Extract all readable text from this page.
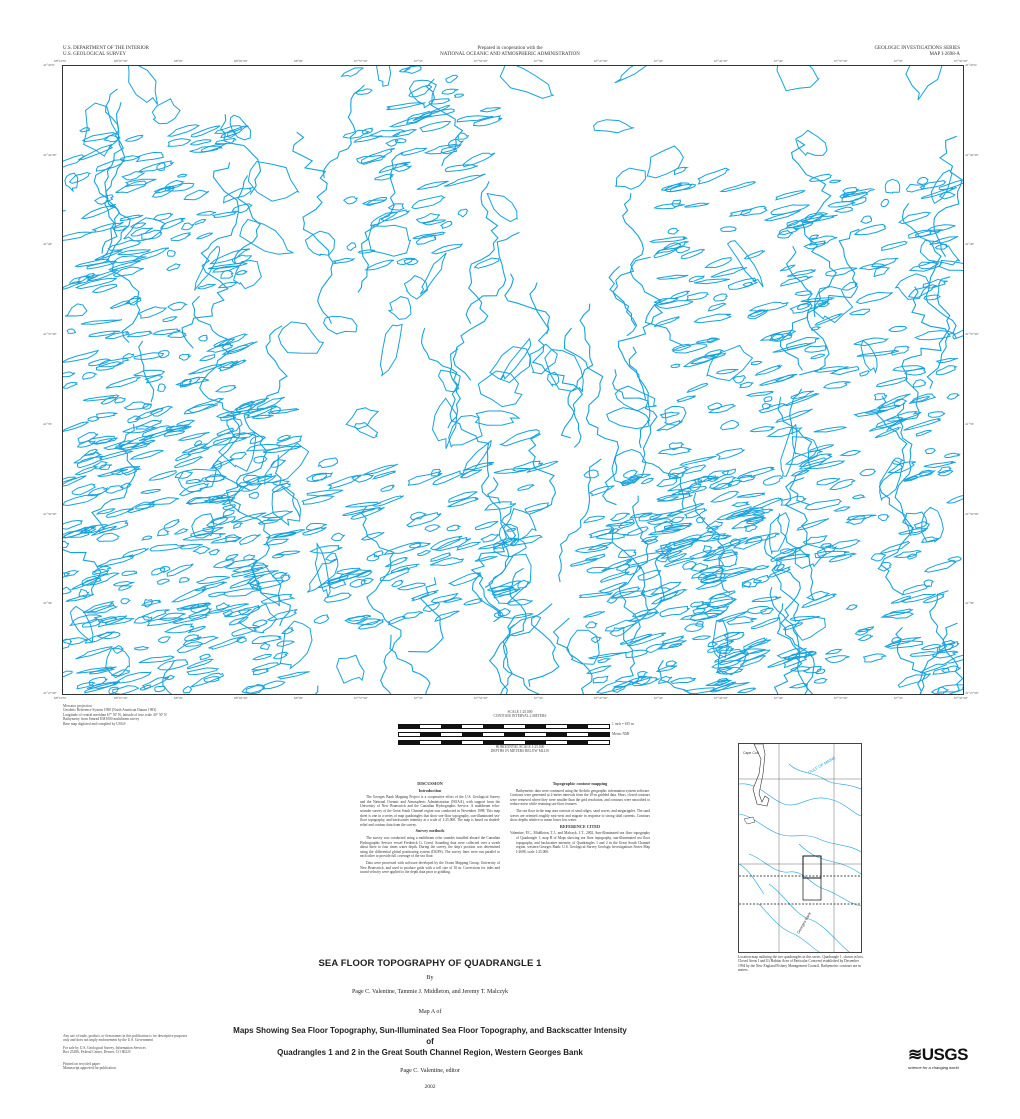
U.S. DEPARTMENT OF THE INTERIOR
U.S. GEOLOGICAL SURVEY
Prepared in cooperation with the
NATIONAL OCEANIC AND ATMOSPHERIC ADMINISTRATION
GEOLOGIC INVESTIGATIONS SERIES
MAP I-2698-A
Mercator projection
Geodetic Reference System 1980 (North American Datum 1983)
Longitude of central meridian 67° 50' W, latitude of true scale 40° 50' N
Bathymetry from Simrad EM1000 multibeam survey
Base map digitized and compiled by USGS
SCALE 1:25,000
CONTOUR INTERVAL 2 METERS
1 inch = 635 m
Metric NMI
HORIZONTAL SCALE 1:25,000
DEPTHS IN METERS BELOW MLLW
DISCUSSION
Introduction

The Georges Bank Mapping Project is a cooperative effort of the U.S. Geological Survey and the National Oceanic and Atmospheric Administration (NOAA), with support from the University of New Brunswick and the Canadian Hydrographic Service. A multibeam echo-sounder survey of the Great South Channel region was conducted in November 1998. This map sheet is one in a series of map quadrangles that show sea-floor topography, sun-illuminated sea-floor topography, and backscatter intensity at a scale of 1:25,000. The map is based on shaded-relief and contour data from the survey.

Survey methods

The survey was conducted using a multibeam echo sounder installed aboard the Canadian Hydrographic Service vessel Frederick G. Creed. Sounding data were collected over a swath about three to four times water depth. During the survey, the ship's position was determined using the differential global positioning system (DGPS). The survey lines were run parallel to each other to provide full coverage of the sea floor.

Data were processed with software developed by the Ocean Mapping Group, University of New Brunswick, and used to produce grids with a cell size of 10 m. Corrections for tides and sound velocity were applied to the depth data prior to gridding.

Topographic contour mapping

Bathymetric data were contoured using the ArcInfo geographic information system software. Contours were generated at 2-meter intervals from the 10-m gridded data. Short, closed contours were removed where they were smaller than the grid resolution, and contours were smoothed to reduce noise while retaining sea-floor features.

The sea floor in the map area consists of sand ridges, sand waves, and megaripples. The sand waves are oriented roughly east-west and migrate in response to strong tidal currents. Contours show depths relative to mean lower low water.

REFERENCE CITED

Valentine, P.C., Middleton, T.J., and Malczyk, J.T., 2002, Sun-illuminated sea floor topography of Quadrangle 1, map B of Maps showing sea floor topography, sun-illuminated sea floor topography, and backscatter intensity of Quadrangles 1 and 2 in the Great South Channel region, western Georges Bank: U.S. Geological Survey Geologic Investigations Series Map I-2698, scale 1:25,000.

GULF OF MAINE
Cape Cod
Georges Bank
Location map outlining the two quadrangles in this series. Quadrangle 1, shown in box. Closed Areas I and II (Habitat Area of Particular Concern) established by December 1994 by the New England Fishery Management Council. Bathymetric contours are in meters.
SEA FLOOR TOPOGRAPHY OF QUADRANGLE 1
By
Page C. Valentine, Tammie J. Middleton, and Jeremy T. Malczyk
Map A of
Maps Showing Sea Floor Topography, Sun-Illuminated Sea Floor Topography, and Backscatter Intensity of
Quadrangles 1 and 2 in the Great South Channel Region, Western Georges Bank
Page C. Valentine, editor
2002
Any use of trade, product, or firm names in this publication is for descriptive purposes only and does not imply endorsement by the U.S. Government
For sale by U.S. Geological Survey, Information Services
Box 25286, Federal Center, Denver, CO 80225
Printed on recycled paper
Manuscript approved for publication
≋USGS
science for a changing world
68°10'W	68°07'30"	68°05'	68°02'30"	68°00'	67°57'30"	67°55'	67°52'30"	67°50'	67°47'30"	67°45'	67°42'30"	67°40'	67°37'30"	67°35'	67°32'30"
68°10'W	68°07'30"	68°05'	68°02'30"	68°00'	67°57'30"	67°55'	67°52'30"	67°50'	67°47'30"	67°45'	67°42'30"	67°40'	67°37'30"	67°35'	67°32'30"
41°45'N
41°42'30"
41°40'
41°37'30"
41°35'
41°32'30"
41°30'
41°27'30"
41°45'N
41°42'30"
41°40'
41°37'30"
41°35'
41°32'30"
41°30'
41°27'30"
